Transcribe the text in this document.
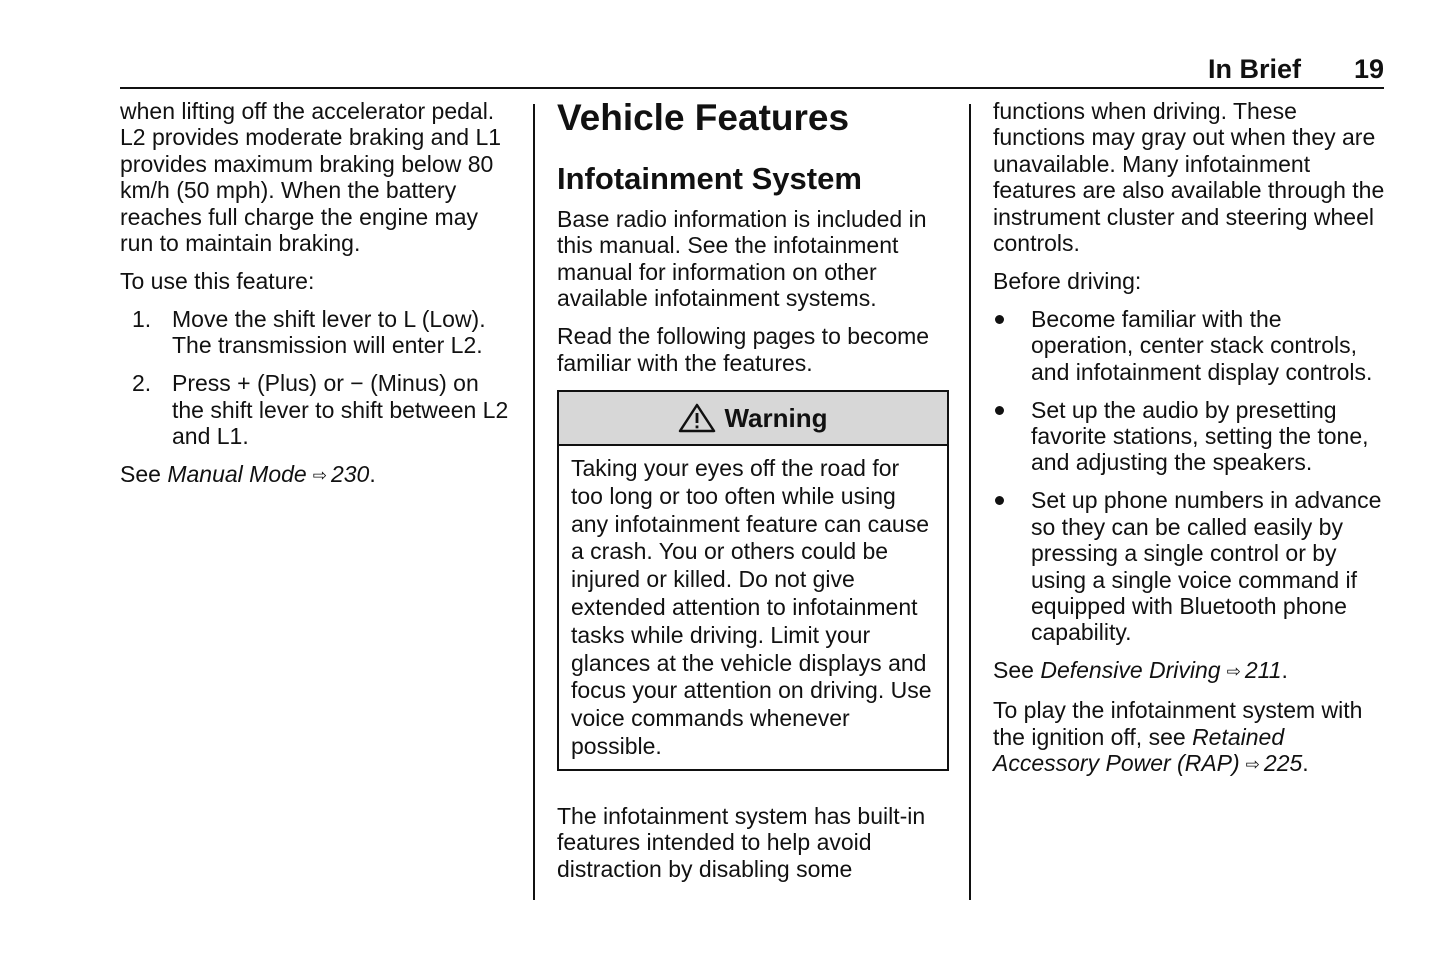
In Brief 19

when lifting off the accelerator pedal. L2 provides moderate braking and L1 provides maximum braking below 80 km/h (50 mph). When the battery reaches full charge the engine may run to maintain braking.

To use this feature:

1. Move the shift lever to L (Low). The transmission will enter L2.
2. Press + (Plus) or − (Minus) on the shift lever to shift between L2 and L1.

See Manual Mode ⇨ 230.

Vehicle Features
Infotainment System

Base radio information is included in this manual. See the infotainment manual for information on other available infotainment systems.

Read the following pages to become familiar with the features.

Warning
Taking your eyes off the road for too long or too often while using any infotainment feature can cause a crash. You or others could be injured or killed. Do not give extended attention to infotainment tasks while driving. Limit your glances at the vehicle displays and focus your attention on driving. Use voice commands whenever possible.

The infotainment system has built-in features intended to help avoid distraction by disabling some

functions when driving. These functions may gray out when they are unavailable. Many infotainment features are also available through the instrument cluster and steering wheel controls.

Before driving:

Become familiar with the operation, center stack controls, and infotainment display controls.
Set up the audio by presetting favorite stations, setting the tone, and adjusting the speakers.
Set up phone numbers in advance so they can be called easily by pressing a single control or by using a single voice command if equipped with Bluetooth phone capability.

See Defensive Driving ⇨ 211.

To play the infotainment system with the ignition off, see Retained Accessory Power (RAP) ⇨ 225.
